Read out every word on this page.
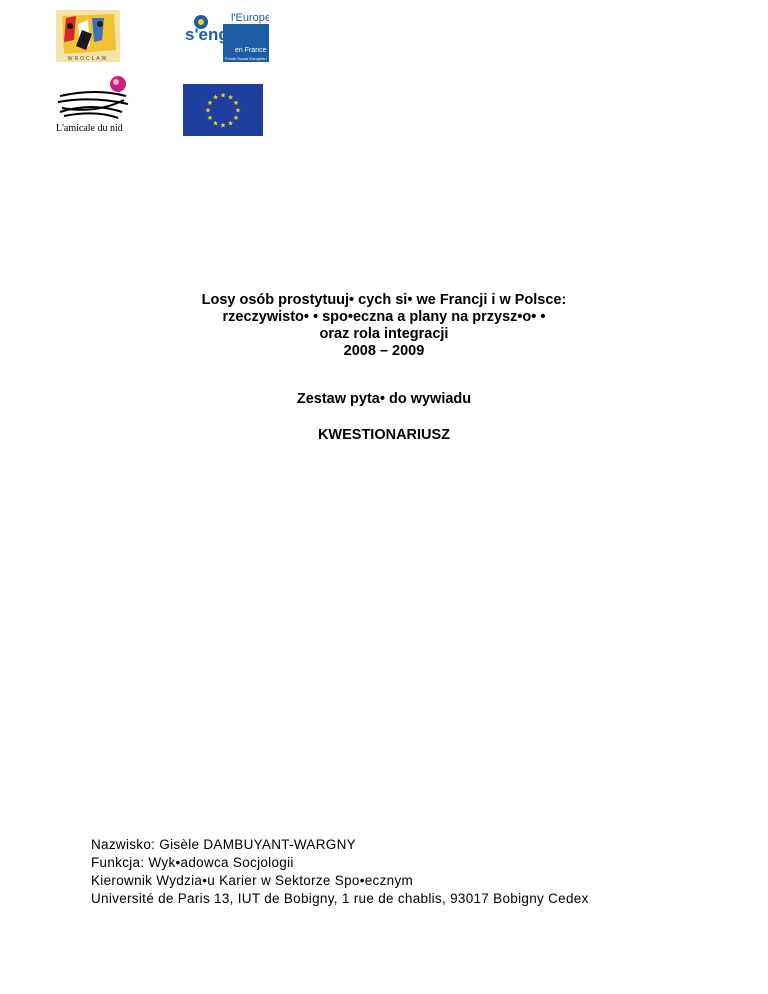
WROCŁAW
l'Europe
s'engage
en France
Fonds Social Européen
L'amicale du nid
★ ★
★
★
★
★
★
★
★
★
★
★
Losy osób prostytuuj• cych si• we Francji i w Polsce:
rzeczywisto• • spo•eczna a plany na przysz•o• •
oraz rola integracji
2008 – 2009
Zestaw pyta• do wywiadu
KWESTIONARIUSZ
Nazwisko: Gisèle DAMBUYANT-WARGNY
Funkcja: Wyk•adowca Socjologii
Kierownik Wydzia•u Karier w Sektorze Spo•ecznym
Université de Paris 13, IUT de Bobigny, 1 rue de chablis, 93017 Bobigny Cedex
